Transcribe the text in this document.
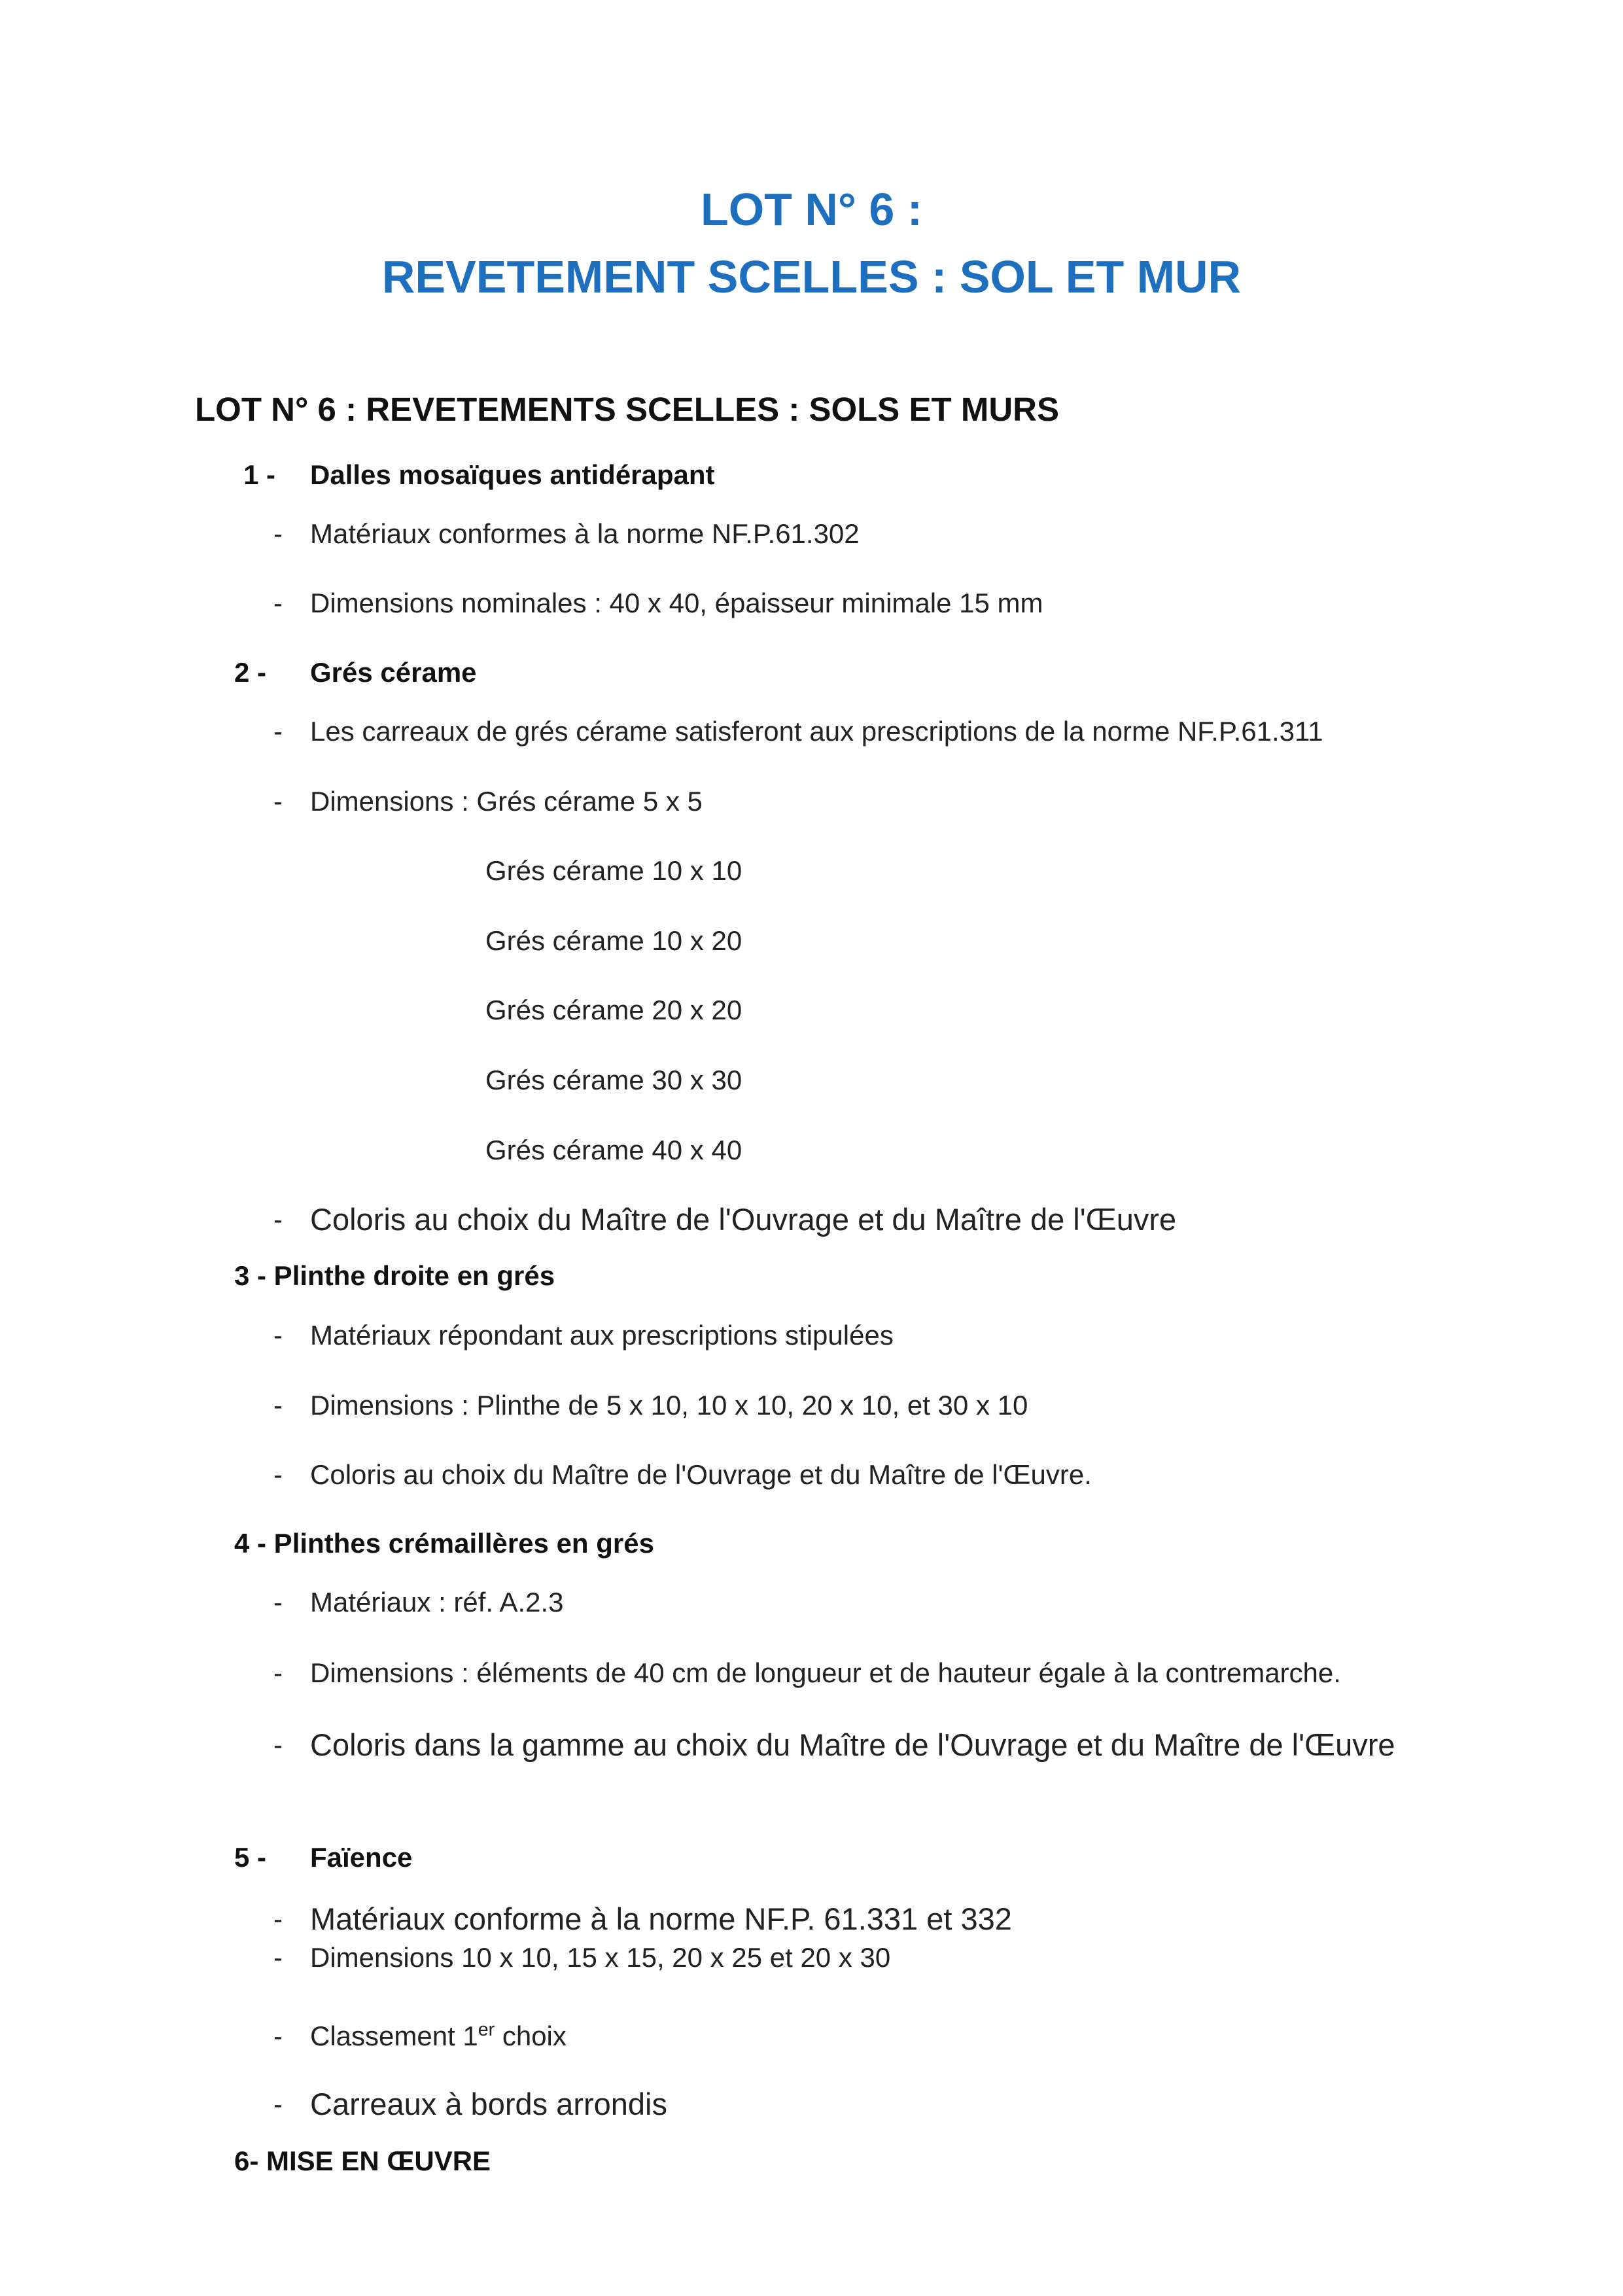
LOT N° 6 :
REVETEMENT SCELLES : SOL ET MUR
LOT N° 6 : REVETEMENTS SCELLES : SOLS ET MURS
1 - Dalles mosaïques antidérapant
- Matériaux conformes à la norme NF.P.61.302
- Dimensions nominales : 40 x 40, épaisseur minimale 15 mm
2 - Grés cérame
- Les carreaux de grés cérame satisferont aux prescriptions de la norme NF.P.61.311
- Dimensions : Grés cérame 5 x 5
Grés cérame 10 x 10
Grés cérame 10 x 20
Grés cérame 20 x 20
Grés cérame 30 x 30
Grés cérame 40 x 40
- Coloris au choix du Maître de l'Ouvrage et du Maître de l'Œuvre
3 - Plinthe droite en grés
- Matériaux répondant aux prescriptions stipulées
- Dimensions : Plinthe de 5 x 10, 10 x 10, 20 x 10, et 30 x 10
- Coloris au choix du Maître de l'Ouvrage et du Maître de l'Œuvre.
4 - Plinthes crémaillères en grés
- Matériaux : réf. A.2.3
- Dimensions : éléments de 40 cm de longueur et de hauteur égale à la contremarche.
- Coloris dans la gamme au choix du Maître de l'Ouvrage et du Maître de l'Œuvre
5 - Faïence
- Matériaux conforme à la norme NF.P. 61.331 et 332
- Dimensions 10 x 10, 15 x 15, 20 x 25 et 20 x 30
- Classement 1er choix
- Carreaux à bords arrondis
6- MISE EN ŒUVRE
